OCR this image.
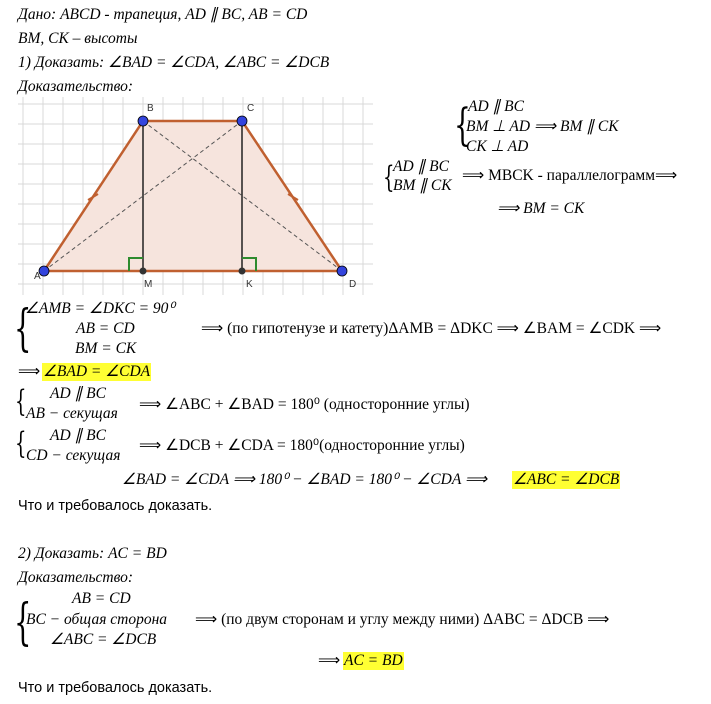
Дано: ABCD - трапеция, AD ∥ BC, AB = CD
BM, CK – высоты
1) Доказать: ∠BAD = ∠CDA, ∠ABC = ∠DCB
Доказательство:
A
B	C
D
M	K
{
AD ∥ BC
BM ⊥ AD ⟹ BM ∥ CK
CK ⊥ AD
{
AD ∥ BC
BM ∥ CK
⟹ MBCK - параллелограмм⟹
⟹ BM = CK
{
∠AMB = ∠DKC = 90⁰
AB = CD
BM = CK
⟹ (по гипотенузе и катету)ΔAMB = ΔDKC ⟹ ∠BAM = ∠CDK ⟹
⟹ ∠BAD = ∠CDA
{ AD ∥ BC
AB − секущая
⟹ ∠ABC + ∠BAD = 180⁰ (односторонние углы)
{ AD ∥ BC
CD − секущая
⟹ ∠DCB + ∠CDA = 180⁰(односторонние углы)
∠BAD = ∠CDA ⟹ 180⁰ − ∠BAD = 180⁰ − ∠CDA ⟹ ∠ABC = ∠DCB
Что и требовалось доказать.
2) Доказать: AC = BD
Доказательство:
{	AB = CD
BC − общая сторона
∠ABC = ∠DCB
⟹ (по двум сторонам и углу между ними) ΔABC = ΔDCB ⟹
⟹ AC = BD
Что и требовалось доказать.
